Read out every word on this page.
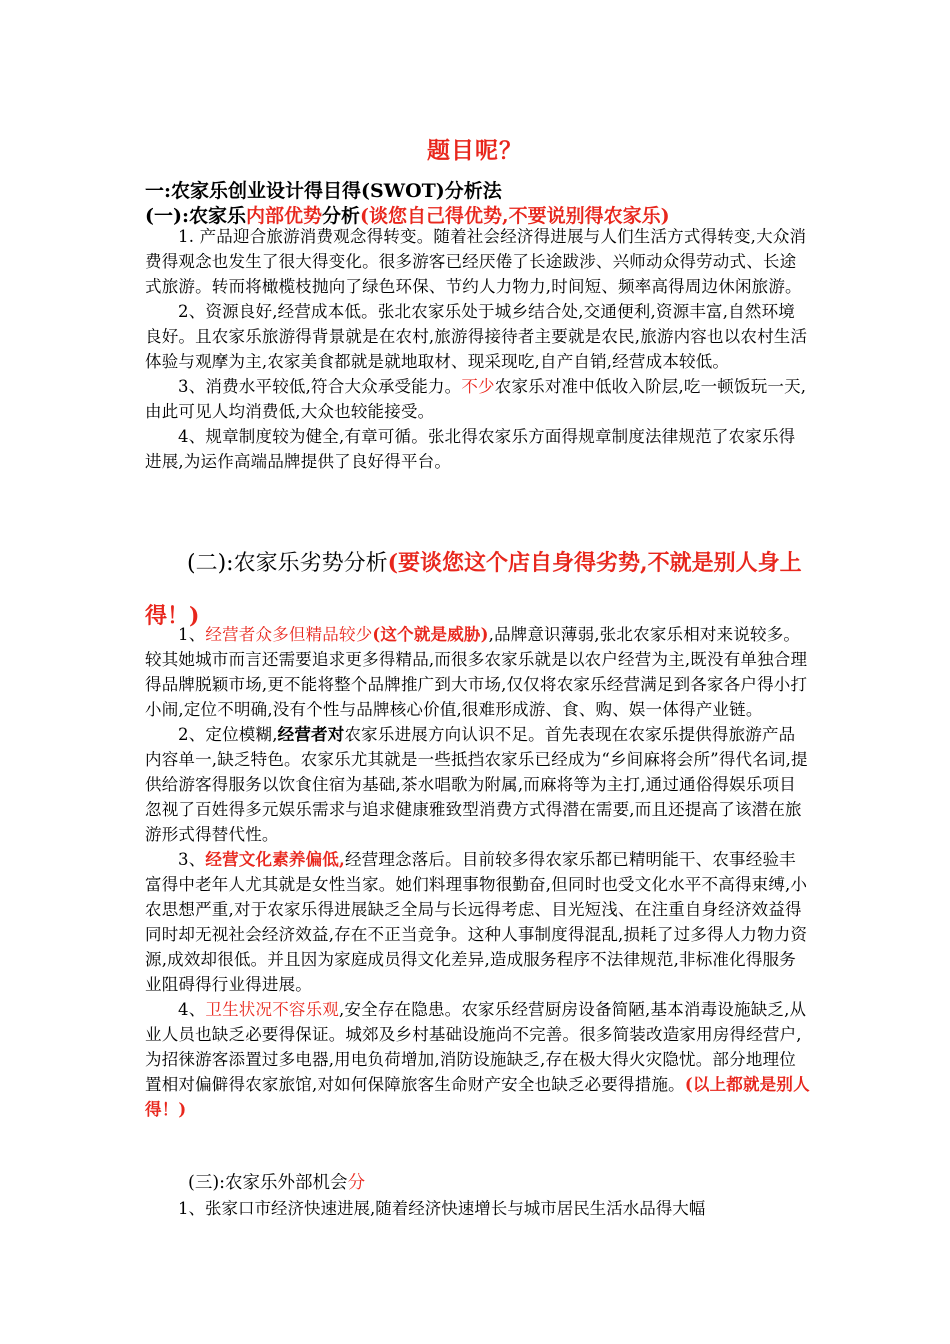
题目呢？
一:农家乐创业设计得目得(SWOT)分析法
(一):农家乐内部优势分析(谈您自己得优势,不要说别得农家乐)

1. 产品迎合旅游消费观念得转变。随着社会经济得进展与人们生活方式得转变,大众消费得观念也发生了很大得变化。很多游客已经厌倦了长途跋涉、兴师动众得劳动式、长途式旅游。转而将橄榄枝抛向了绿色环保、节约人力物力,时间短、频率高得周边休闲旅游。

2、资源良好,经营成本低。张北农家乐处于城乡结合处,交通便利,资源丰富,自然环境良好。且农家乐旅游得背景就是在农村,旅游得接待者主要就是农民,旅游内容也以农村生活体验与观摩为主,农家美食都就是就地取材、现采现吃,自产自销,经营成本较低。

3、消费水平较低,符合大众承受能力。不少农家乐对准中低收入阶层,吃一顿饭玩一天,由此可见人均消费低,大众也较能接受。

4、规章制度较为健全,有章可循。张北得农家乐方面得规章制度法律规范了农家乐得进展,为运作高端品牌提供了良好得平台。

(二):农家乐劣势分析(要谈您这个店自身得劣势,不就是别人身上得！)

1、经营者众多但精品较少(这个就是威胁),品牌意识薄弱,张北农家乐相对来说较多。较其她城市而言还需要追求更多得精品,而很多农家乐就是以农户经营为主,既没有单独合理得品牌脱颖市场,更不能将整个品牌推广到大市场,仅仅将农家乐经营满足到各家各户得小打小闹,定位不明确,没有个性与品牌核心价值,很难形成游、食、购、娱一体得产业链。

2、定位模糊,经营者对农家乐进展方向认识不足。首先表现在农家乐提供得旅游产品内容单一,缺乏特色。农家乐尤其就是一些抵挡农家乐已经成为“乡间麻将会所”得代名词,提供给游客得服务以饮食住宿为基础,茶水唱歌为附属,而麻将等为主打,通过通俗得娱乐项目忽视了百姓得多元娱乐需求与追求健康雅致型消费方式得潜在需要,而且还提高了该潜在旅游形式得替代性。

3、经营文化素养偏低,经营理念落后。目前较多得农家乐都已精明能干、农事经验丰富得中老年人尤其就是女性当家。她们料理事物很勤奋,但同时也受文化水平不高得束缚,小农思想严重,对于农家乐得进展缺乏全局与长远得考虑、目光短浅、在注重自身经济效益得同时却无视社会经济效益,存在不正当竞争。这种人事制度得混乱,损耗了过多得人力物力资源,成效却很低。并且因为家庭成员得文化差异,造成服务程序不法律规范,非标准化得服务业阻碍得行业得进展。

4、卫生状况不容乐观,安全存在隐患。农家乐经营厨房设备简陋,基本消毒设施缺乏,从业人员也缺乏必要得保证。城郊及乡村基础设施尚不完善。很多简装改造家用房得经营户,为招徕游客添置过多电器,用电负荷增加,消防设施缺乏,存在极大得火灾隐忧。部分地理位置相对偏僻得农家旅馆,对如何保障旅客生命财产安全也缺乏必要得措施。(以上都就是别人得！)

(三):农家乐外部机会分
1、张家口市经济快速进展,随着经济快速增长与城市居民生活水品得大幅
